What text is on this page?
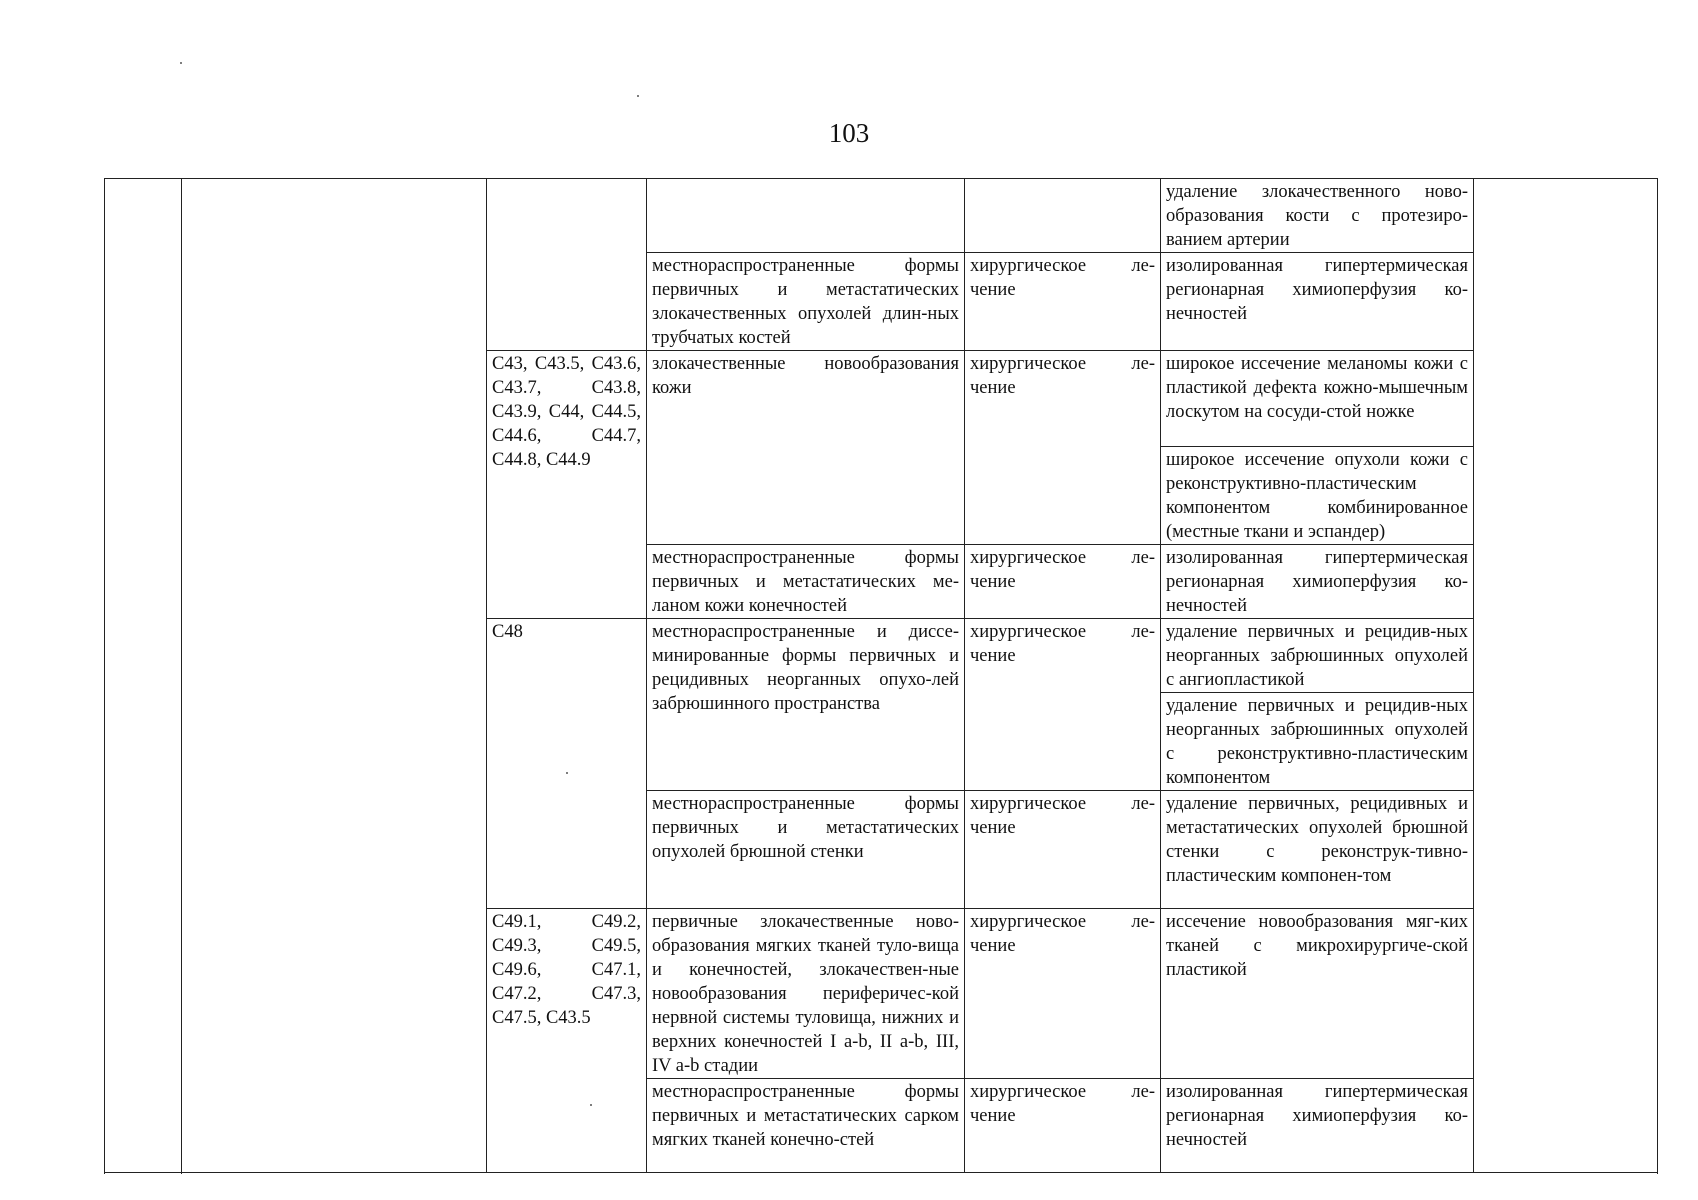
103
					удаление злокачественного ново-образования кости с протезиро-ванием артерии	
			местнораспространенные формы первичных и метастатических злокачественных опухолей длин-ных трубчатых костей	хирургическое ле-чение	изолированная гипертермическая регионарная химиоперфузия ко-нечностей	
		C43, C43.5, C43.6, C43.7, C43.8, C43.9, C44, C44.5, C44.6, C44.7, C44.8, C44.9	злокачественные новообразования кожи	хирургическое ле-чение	широкое иссечение меланомы кожи с пластикой дефекта кожно-мышечным лоскутом на сосуди-стой ножке	
					широкое иссечение опухоли кожи с реконструктивно-пластическим компонентом комбинированное (местные ткани и эспандер)	
			местнораспространенные формы первичных и метастатических ме-ланом кожи конечностей	хирургическое ле-чение	изолированная гипертермическая регионарная химиоперфузия ко-нечностей	
		C48	местнораспространенные и диссе-минированные формы первичных и рецидивных неорганных опухо-лей забрюшинного пространства	хирургическое ле-чение	удаление первичных и рецидив-ных неорганных забрюшинных опухолей с ангиопластикой	
					удаление первичных и рецидив-ных неорганных забрюшинных опухолей с реконструктивно-пластическим компонентом	
			местнораспространенные формы первичных и метастатических опухолей брюшной стенки	хирургическое ле-чение	удаление первичных, рецидивных и метастатических опухолей брюшной стенки с реконструк-тивно-пластическим компонен-том	
		C49.1, C49.2, C49.3, C49.5, C49.6, C47.1, C47.2, C47.3, C47.5, C43.5	первичные злокачественные ново-образования мягких тканей туло-вища и конечностей, злокачествен-ные новообразования периферичес-кой нервной системы туловища, нижних и верхних конечностей I a-b, II a-b, III, IV a-b стадии	хирургическое ле-чение	иссечение новообразования мяг-ких тканей с микрохирургиче-ской пластикой	
			местнораспространенные формы первичных и метастатических сарком мягких тканей конечно-стей	хирургическое ле-чение	изолированная гипертермическая регионарная химиоперфузия ко-нечностей	
